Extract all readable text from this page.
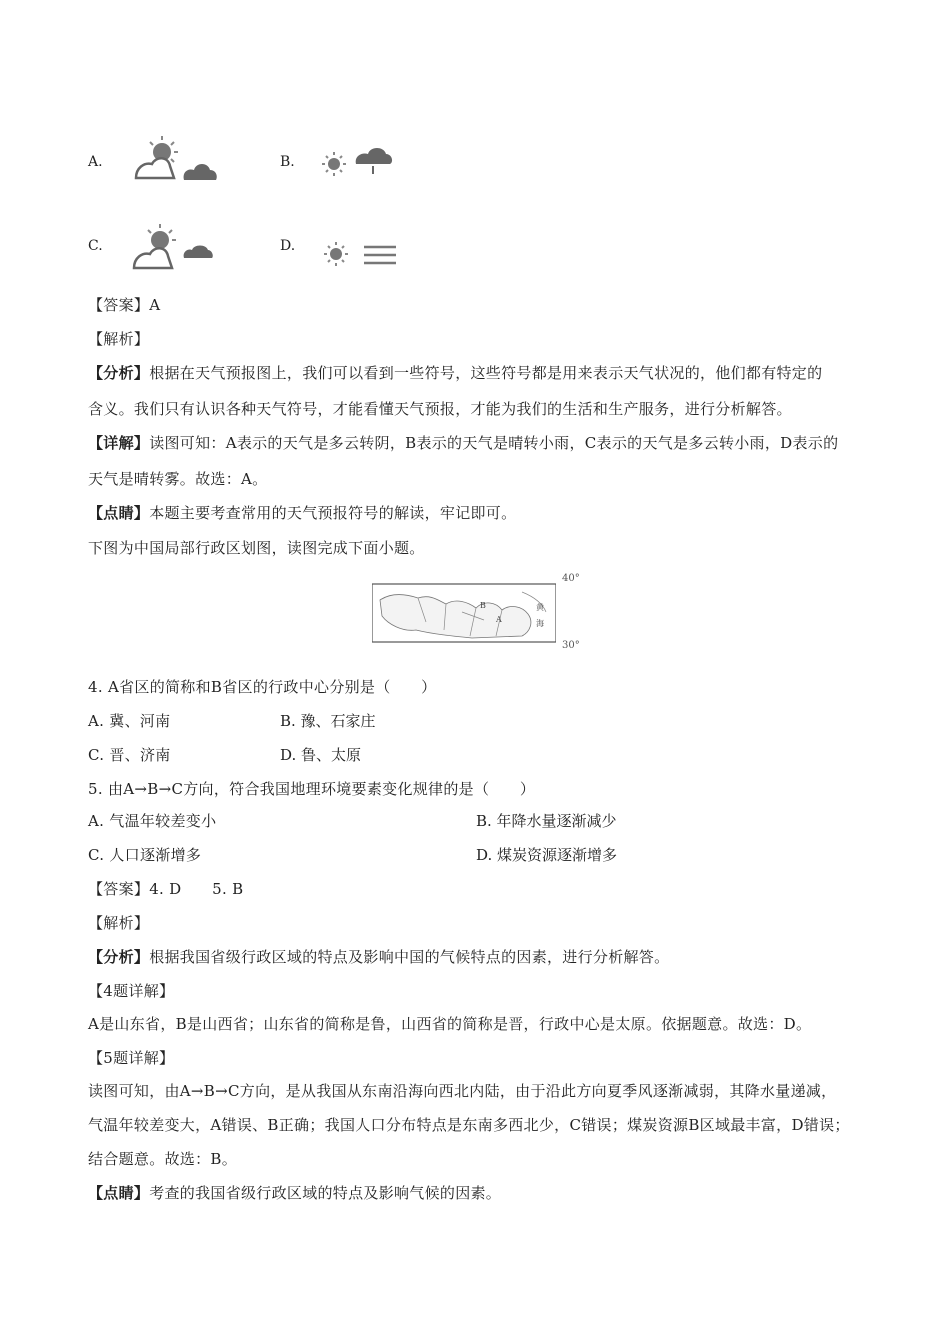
A.	B.
C.	D.
【答案】A
【解析】
【分析】根据在天气预报图上，我们可以看到一些符号，这些符号都是用来表示天气状况的，他们都有特定的
含义。我们只有认识各种天气符号，才能看懂天气预报，才能为我们的生活和生产服务，进行分析解答。
【详解】读图可知：A表示的天气是多云转阴，B表示的天气是晴转小雨，C表示的天气是多云转小雨，D表示的
天气是晴转雾。故选：A。
【点睛】本题主要考查常用的天气预报符号的解读，牢记即可。
下图为中国局部行政区划图，读图完成下面小题。
B
A
黄
海
40°
30°
4. A省区的简称和B省区的行政中心分别是（　　）
A. 冀、河南	B. 豫、石家庄
C. 晋、济南	D. 鲁、太原
5. 由A→B→C方向，符合我国地理环境要素变化规律的是（　　）
A. 气温年较差变小	B. 年降水量逐渐减少
C. 人口逐渐增多	D. 煤炭资源逐渐增多
【答案】4. D　　5. B
【解析】
【分析】根据我国省级行政区域的特点及影响中国的气候特点的因素，进行分析解答。
【4题详解】
A是山东省，B是山西省；山东省的简称是鲁，山西省的简称是晋，行政中心是太原。依据题意。故选：D。
【5题详解】
读图可知，由A→B→C方向，是从我国从东南沿海向西北内陆，由于沿此方向夏季风逐渐减弱，其降水量递减，
气温年较差变大，A错误、B正确；我国人口分布特点是东南多西北少，C错误；煤炭资源B区域最丰富，D错误；
结合题意。故选：B。
【点睛】考查的我国省级行政区域的特点及影响气候的因素。
